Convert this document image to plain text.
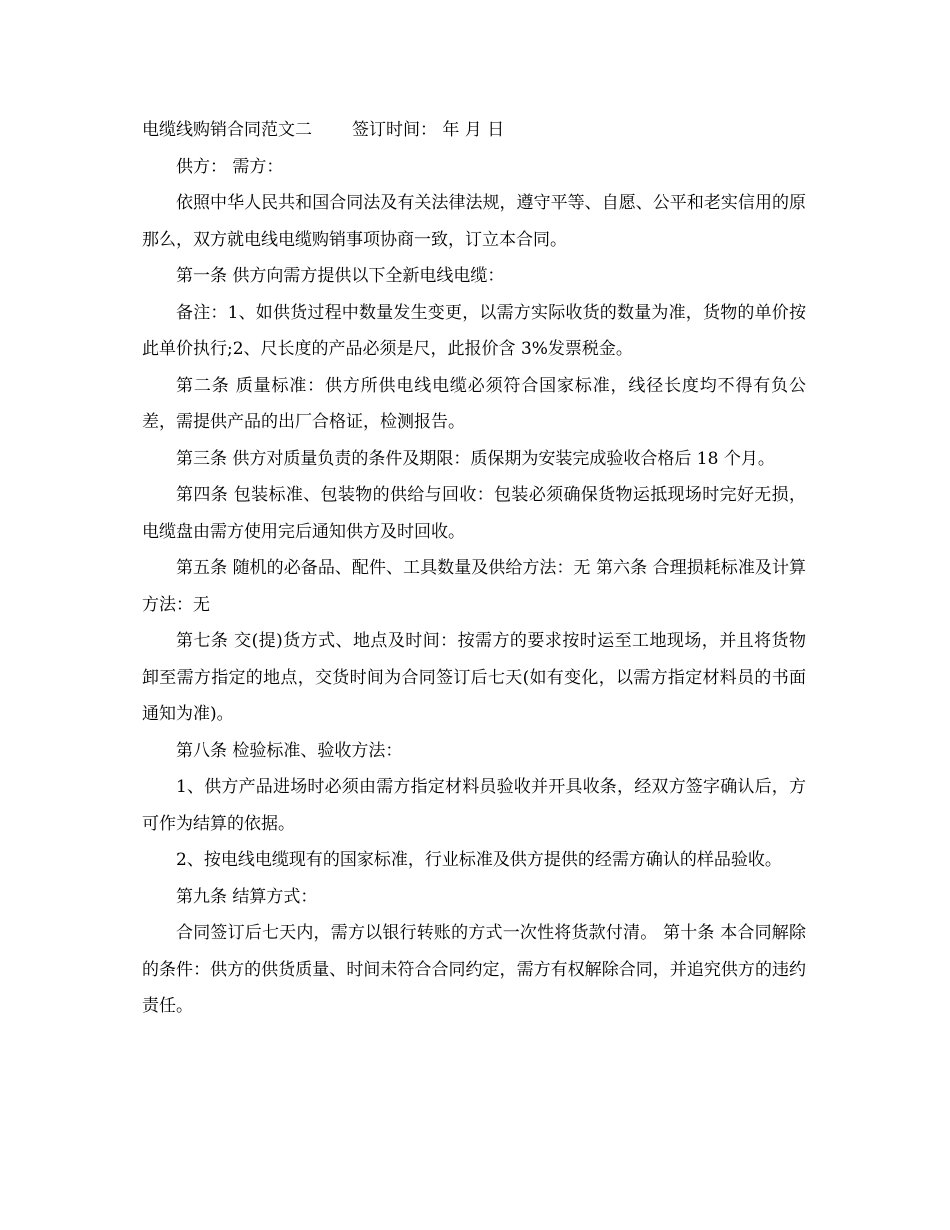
电缆线购销合同范文二 签订时间： 年 月 日

供方： 需方：

依照中华人民共和国合同法及有关法律法规，遵守平等、自愿、公平和老实信用的原那么，双方就电线电缆购销事项协商一致，订立本合同。

第一条 供方向需方提供以下全新电线电缆：

备注：1、如供货过程中数量发生变更，以需方实际收货的数量为准，货物的单价按此单价执行;2、尺长度的产品必须是尺，此报价含 3%发票税金。

第二条 质量标准：供方所供电线电缆必须符合国家标准，线径长度均不得有负公差，需提供产品的出厂合格证，检测报告。

第三条 供方对质量负责的条件及期限：质保期为安装完成验收合格后 18 个月。

第四条 包装标准、包装物的供给与回收：包装必须确保货物运抵现场时完好无损，电缆盘由需方使用完后通知供方及时回收。

第五条 随机的必备品、配件、工具数量及供给方法：无 第六条 合理损耗标准及计算方法：无

第七条 交(提)货方式、地点及时间：按需方的要求按时运至工地现场，并且将货物卸至需方指定的地点，交货时间为合同签订后七天(如有变化，以需方指定材料员的书面通知为准)。

第八条 检验标准、验收方法：

1、供方产品进场时必须由需方指定材料员验收并开具收条，经双方签字确认后，方可作为结算的依据。

2、按电线电缆现有的国家标准，行业标准及供方提供的经需方确认的样品验收。

第九条 结算方式：

合同签订后七天内，需方以银行转账的方式一次性将货款付清。 第十条 本合同解除的条件：供方的供货质量、时间未符合合同约定，需方有权解除合同，并追究供方的违约责任。
